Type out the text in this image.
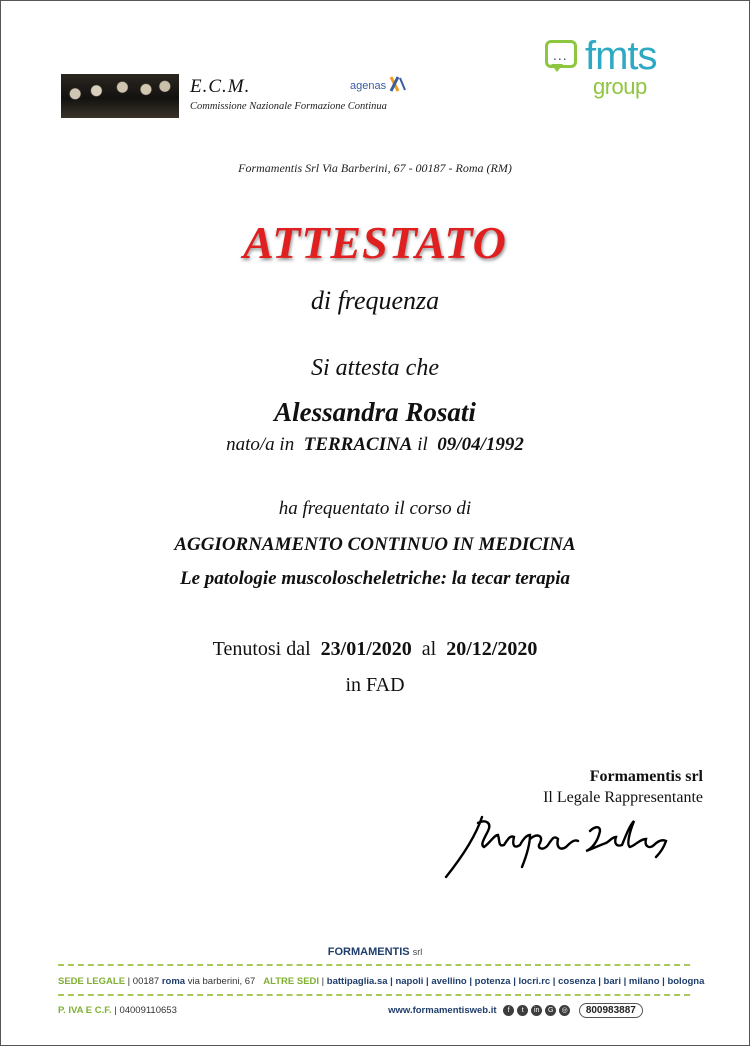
E.C.M.
Commissione Nazionale Formazione Continua
agenas
... fmts
group
Formamentis Srl Via Barberini, 67 - 00187 - Roma (RM)
ATTESTATO
di frequenza
Si attesta che
Alessandra Rosati
nato/a in TERRACINA il 09/04/1992
ha frequentato il corso di
AGGIORNAMENTO CONTINUO IN MEDICINA
Le patologie muscoloscheletriche: la tecar terapia
Tenutosi dal 23/01/2020 al 20/12/2020
in FAD
Formamentis srl
Il Legale Rappresentante
FORMAMENTIS srl
SEDE LEGALE | 00187 roma via barberini, 67 ALTRE SEDI | battipaglia.sa | napoli | avellino | potenza | locri.rc | cosenza | bari | milano | bologna
P. IVA E C.F. | 04009110653	www.formamentisweb.it	f	t	in	G	◎ 800983887
